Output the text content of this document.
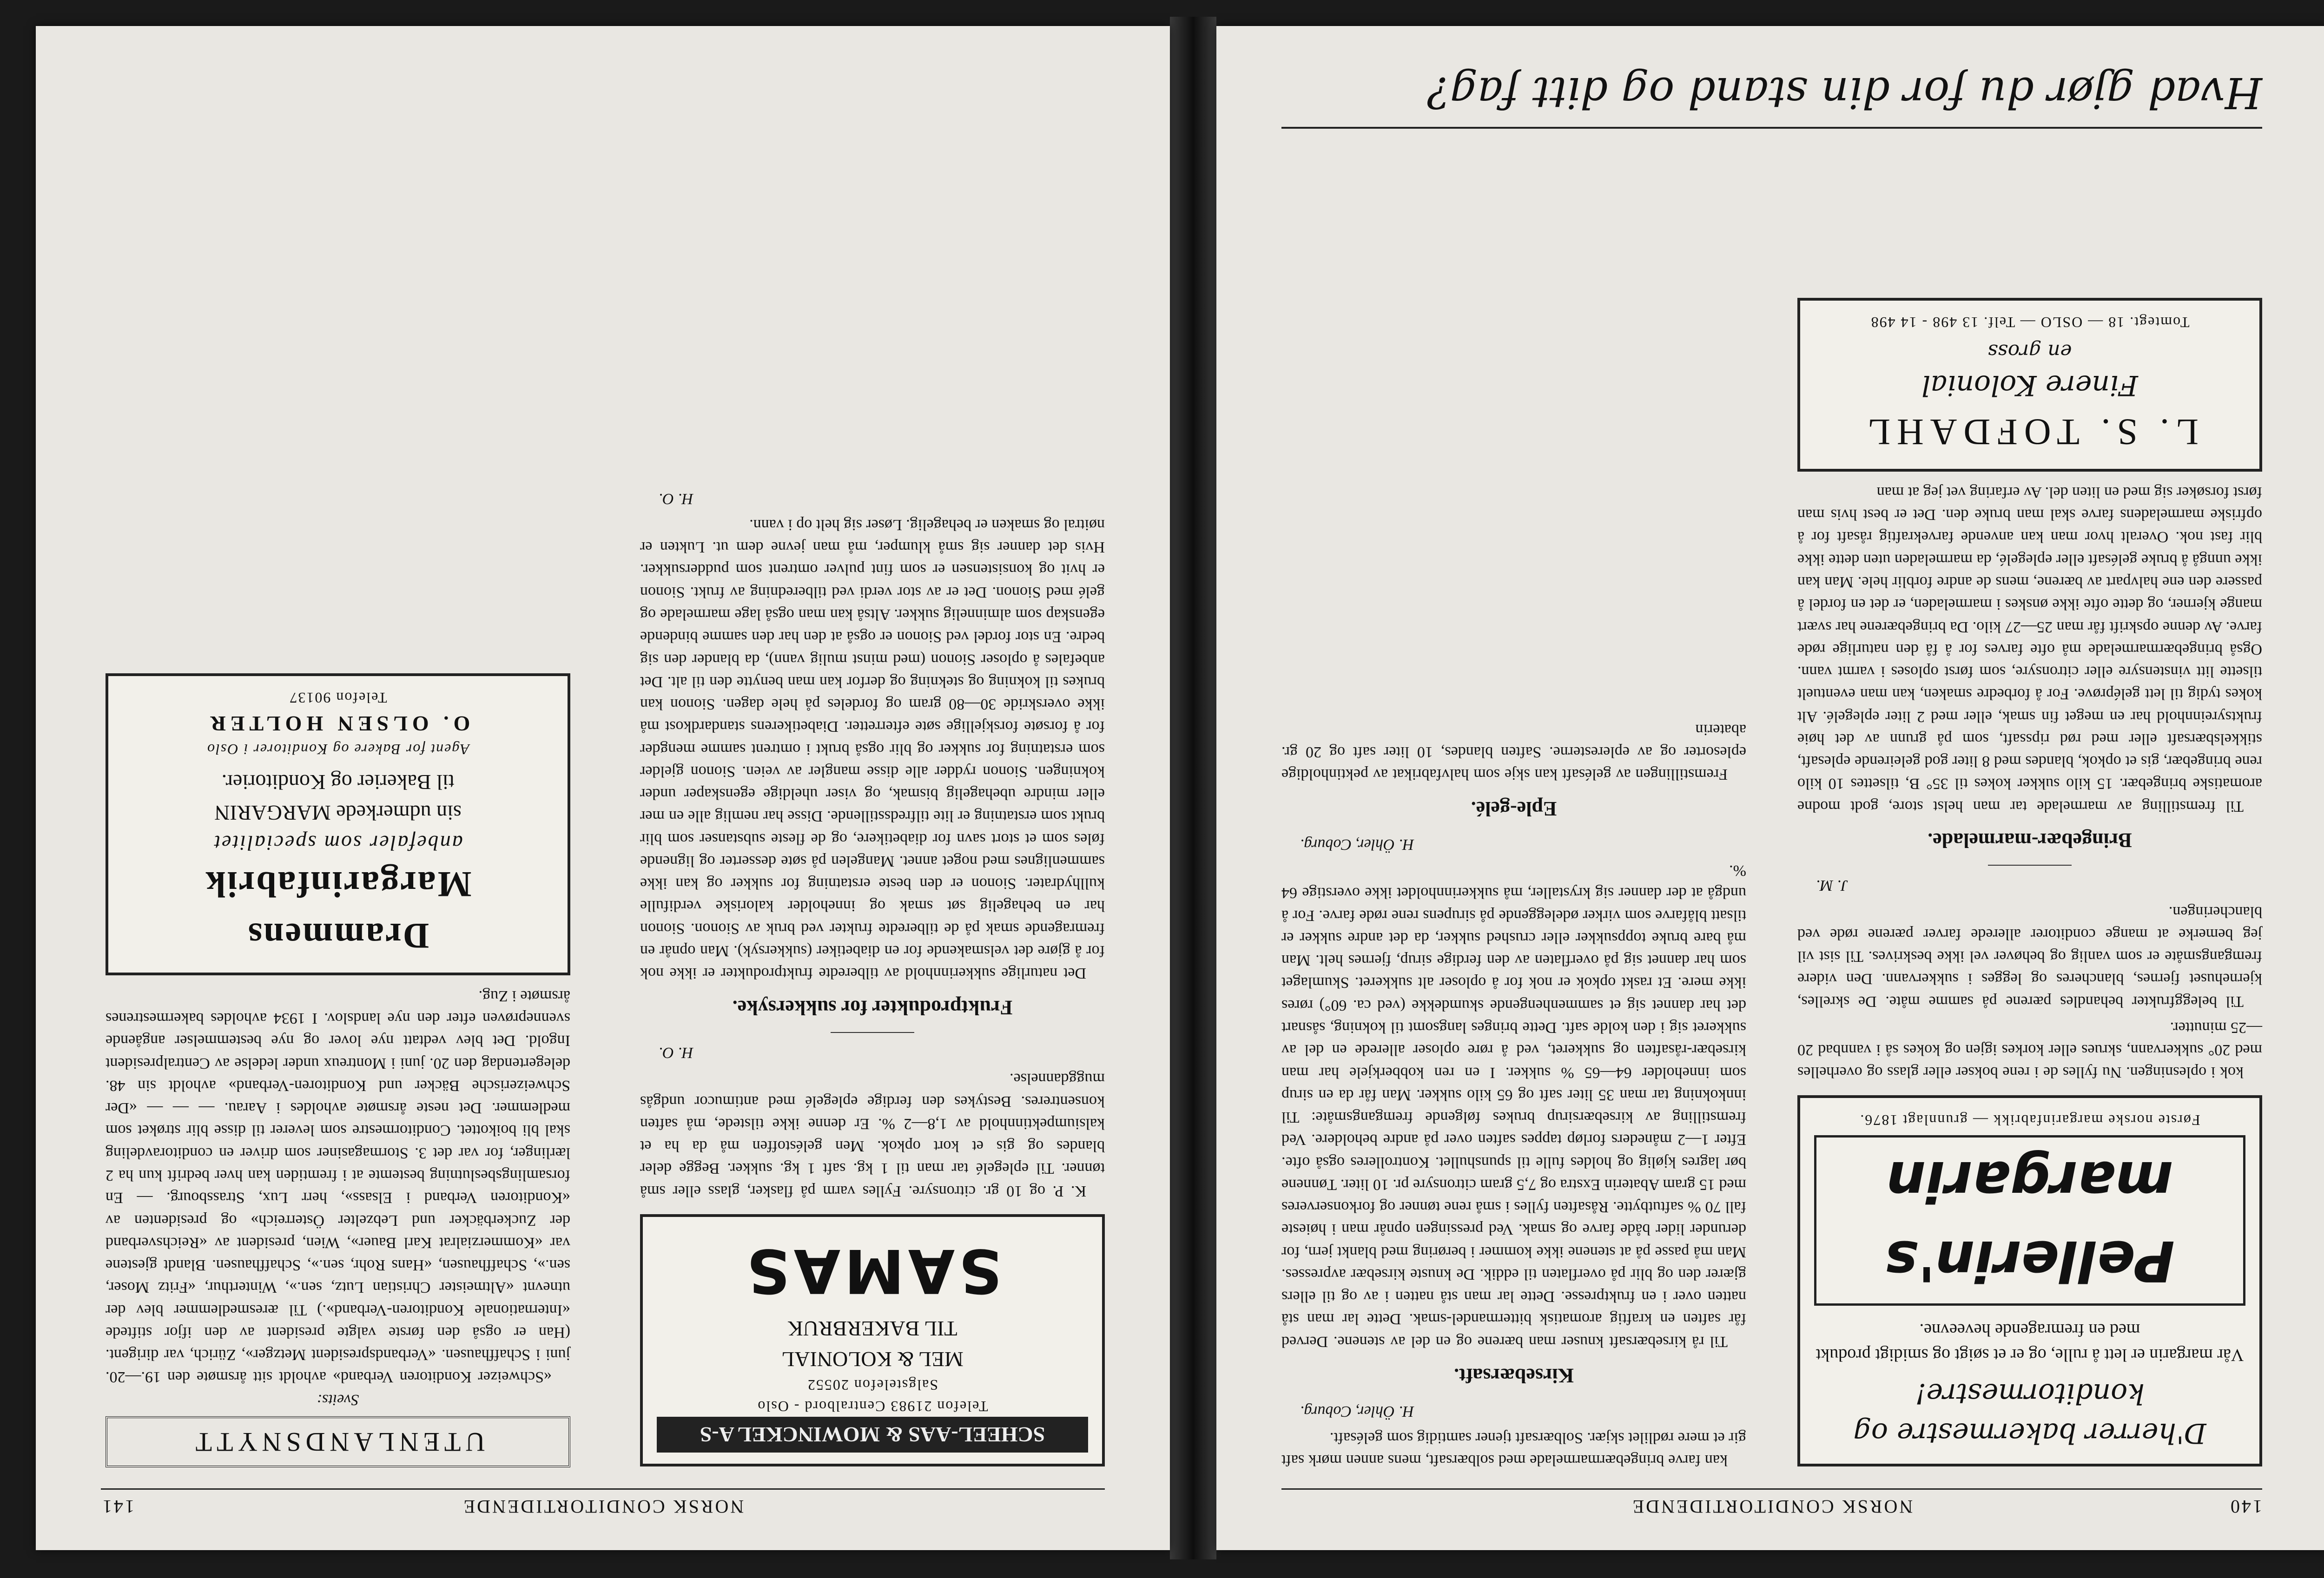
140
NORSK CONDITORTIDENDE
D'herrer bakermestre og konditormestre!
Vår margarin er lett å rulle, og er et søigt og smidigt produkt med en fremragende heveevne.
Pellerin's margarin
Første norske margarinfabrikk — grunnlagt 1876.

kok i oplesningen. Nu fylles de i rene bokser eller glass og overhelles med 20° sukkervann, skrues eller korkes igjen og kokes så i vannbad 20—25 minutter.

Til beleggfrukter behandles pærene på samme måte. De skrelles, kjernehuset fjernes, blancheres og legges i sukkervann. Den videre fremgangsmåte er som vanlig og behøver vel ikke beskrives. Til sist vil jeg bemerke at mange conditorer allerede farver pærene røde ved blancheringen.

J. M.
Bringebær-marmelade.

Til fremstilling av marmelade tar man helst store, godt modne aromatiske bringebær. 15 kilo sukker kokes til 35° B, tilsettes 10 kilo rene bringebær, gis et opkok, blandes med 8 liter god geleirende eplesaft, stikkelsbærsaft eller med rød ripssaft, som på grunn av det høie fruktsyreinnhold har en meget fin smak, eller med 2 liter eplegelé. Alt kokes tydig til lett geléprøve. For å forbedre smaken, kan man eventuelt tilsette litt vinstensyre eller citronsyre, som først oploses i varmt vann. Også bringebærmarmelade må ofte farves for å få den naturlige røde farve. Av denne opskrift får man 25—27 kilo. Da bringebærene har svært mange kjerner, og dette ofte ikke ønskes i marmeladen, er det en fordel å passere den ene halvpart av bærene, mens de andre forblir hele. Man kan ikke unngå å bruke gelésaft eller eplegelé, da marmeladen uten dette ikke blir fast nok. Overalt hvor man kan anvende farvekraftig råsaft for å opfriske marmeladens farve skal man bruke den. Det er best hvis man først forsøker sig med en liten del. Av erfaring vet jeg at man

L. S. TOFDAHL
Finere Kolonial
en gross
Tomtegt. 18 — OSLO — Telf. 13 498 - 14 498

kan farve bringebærmarmelade med solbærsaft, mens annen mørk saft gir et mere rødlilet skjær. Solbærsaft tjener samtidig som gelésaft.

H. Öhler, Coburg.
Kirsebærsaft.

Til rå kirsebærsaft knuser man bærene og en del av stenene. Derved får saften en kraftig aromatisk bittermandel-smak. Dette lar man stå natten over i en fruktpresse. Dette lar man stå natten i av og til ellers gjærer den og blir på overflaten til eddik. De knuste kirsebær avpresses. Man må passe på at stenene ikke kommer i berøring med blankt jern, for derunder lider både farve og smak. Ved pressingen opnår man i høieste fall 70 % saftutbytte. Råsaften fylles i små rene tønner og forkonserveres med 15 gram Abaterin Exstra og 7,5 gram citronsyre pr. 10 liter. Tønnene bør lagres kjølig og holdes fulle til spunshullet. Kontrolleres også ofte. Efter 1—2 måneders forløp tappes saften over på andre beholdere. Ved fremstilling av kirsebærsirup brukes følgende fremgangsmåte: Til innkokning tar man 35 liter saft og 65 kilo sukker. Man får da en sirup som inneholder 64—65 % sukker. I en ren kobberkjele har man kirsebær-råsaften og sukkeret, ved å røre oploser allerede en del av sukkeret sig i den kolde saft. Dette bringes langsomt til kokning, såsnart det har dannet sig et sammenhengende skumdekke (ved ca. 60°) røres ikke mere. Et raskt opkok er nok for å oploser alt sukkeret. Skumlaget som har dannet sig på overflaten av den ferdige sirup, fjernes helt. Man må bare bruke toppsukker eller crushed sukker, da det andre sukker er tilsatt blåfarve som virker ødeleggende på sirupens rene røde farve. For å undgå at der danner sig krystaller, må sukkerinnholdet ikke overstige 64 %.

H. Öhler, Coburg.
Eple-gelé.

Fremstillingen av gelésaft kan skje som halvfabrikat av pektinholdige eplesorter og av epleresterne. Saften blandes, 10 liter saft og 20 gr. abaterin

Hvad gjør du for din stand og ditt fag?
NORSK CONDITORTIDENDE
141
SCHEEL-AAS & MOWINCKEL A-S
Telefon 21983 Centralbord - Oslo
Salgstelefon 20552
MEL & KOLONIAL
TIL BAKERBRUK
SAMAS

K. P. og 10 gr. citronsyre. Fylles varm på flasker, glass eller små tønner. Til eplegelé tar man til 1 kg. saft 1 kg. sukker. Begge deler blandes og gis et kort opkok. Men geléstoffen må da ha et kalsiumpektinnhold av 1,8—2 %. Er denne ikke tilstede, må saften konsentreres. Bestykes den ferdige eplegelé med antimucor undgås muggdannelse.

H. O.
Fruktprodukter for sukkersyke.

Det naturlige sukkerinnhold av tilberedte fruktprodukter er ikke nok for å gjøre det velsmakende for en diabetiker (sukkersyk). Man opnår en fremragende smak på de tilberedte frukter ved bruk av Sionon. Sionon har en behagelig søt smak og inneholder kaloriske verdifulle kullhydrater. Sionon er den beste erstatning for sukker og kan ikke sammenlignes med noget annet. Mangelen på søte desserter og lignende føles som et stort savn for diabetikere, og de fleste substanser som blir brukt som erstatning er lite tilfredsstillende. Disse har nemlig alle en mer eller mindre ubehagelig bismak, og viser uheldige egenskaper under kokningen. Sionon rydder alle disse mangler av veien. Sionon gjelder som erstatning for sukker og blir også brukt i omtrent samme mengder for å forsøte forskjellige søte efterretter. Diabetikerens standardkost må ikke overskride 30—80 gram og fordeles på hele dagen. Sionon kan brukes til kokning og stekning og derfor kan man benytte den til alt. Det anbefales å oploser Sionon (med minst mulig vann), da blander den sig bedre. En stor fordel ved Sionon er også at den har den samme bindende egenskap som alminnelig sukker. Altså kan man også lage marmelade og gelé med Sionon. Det er av stor verdi ved tilberedning av frukt. Sionon er hvit og konsistensen er som fint pulver omtrent som puddersukker. Hvis det danner sig små klumper, må man jevne dem ut. Lukten er nøitral og smaken er behagelig. Løser sig helt op i vann.

H. O.
UTENLANDSNYTT
Sveits:

«Schweizer Konditoren Verband» avholdt sitt årsmøte den 19.—20. juni i Schaffhausen. «Verbandspresident Metzger», Zürich, var dirigent. (Han er også den første valgte president av den ifjor stiftede «Internationale Konditoren-Verband».) Til æresmedlemmer blev der utnevnt «Altmeister Christian Lutz, sen.», Winterthur, «Fritz Moser, sen.», Schaffhausen, «Hans Rohr, sen.», Schaffhausen. Blandt gjestene var «Kommerzialrat Karl Bauer», Wien, president av «Reichsverband der Zuckerbäcker und Lebzelter Österreich» og presidenten av «Konditoren Verband i Elsass», herr Lux, Strassbourg. — En forsamlingsbeslutning bestemte at i fremtiden kan hver bedrift kun ha 2 lærlinger, for var det 3. Stormagasiner som driver en conditoravdeling skal bli boikottet. Conditormestre som leverer til disse blir strøket som medlemmer. Det neste årsmøte avholdes i Aarau. — — — «Der Schweizerische Bäcker und Konditoren-Verband» avholdt sin 48. delegertendag den 20. juni i Montreux under ledelse av Centralpresident Ingold. Det blev vedtatt nye lover og nye bestemmelser angående svenneprøven efter den nye landslov. I 1934 avholdes bakermestrenes årsmøte i Zug.

Drammens Margarinfabrik
anbefaler som specialitet
sin udmerkede MARGARIN
til Bakerier og Konditorier.
Agent for Bakere og Konditorer i Oslo
O. OLSEN HOLTER
Telefon 90137
